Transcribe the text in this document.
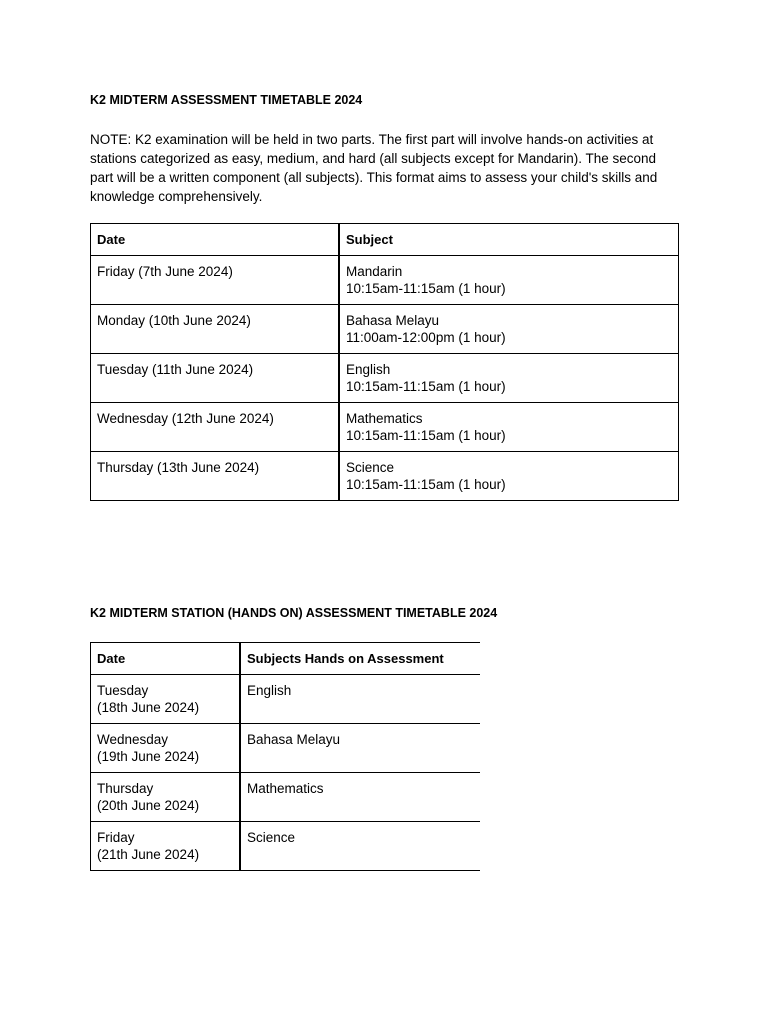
K2 MIDTERM ASSESSMENT TIMETABLE 2024
NOTE: K2 examination will be held in two parts. The first part will involve hands-on activities at stations categorized as easy, medium, and hard (all subjects except for Mandarin). The second part will be a written component (all subjects). This format aims to assess your child's skills and knowledge comprehensively.
Date	Subject
Friday (7th June 2024)	Mandarin
10:15am-11:15am (1 hour)

Monday (10th June 2024)	Bahasa Melayu
11:00am-12:00pm (1 hour)

Tuesday (11th June 2024)	English
10:15am-11:15am (1 hour)

Wednesday (12th June 2024)	Mathematics
10:15am-11:15am (1 hour)

Thursday (13th June 2024)	Science
10:15am-11:15am (1 hour)
K2 MIDTERM STATION (HANDS ON) ASSESSMENT TIMETABLE 2024
Date	Subjects Hands on Assessment

Tuesday
(18th June 2024)	English

Wednesday
(19th June 2024)	Bahasa Melayu

Thursday
(20th June 2024)	Mathematics

Friday
(21th June 2024)	Science
